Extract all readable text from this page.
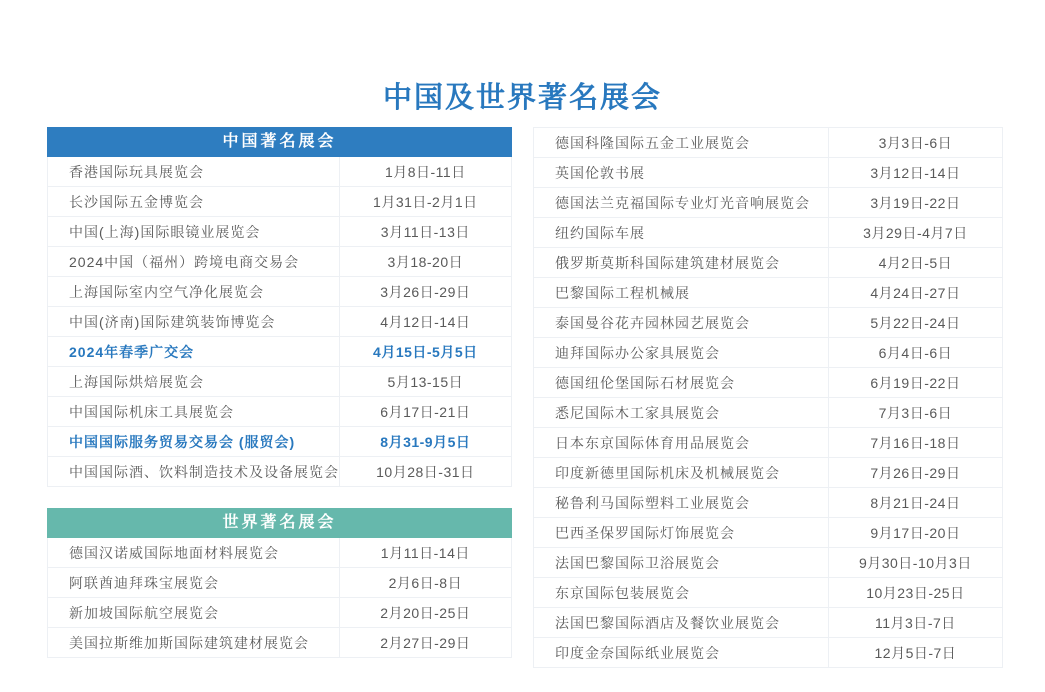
中国及世界著名展会
中国著名展会
香港国际玩具展览会	1月8日-11日
长沙国际五金博览会	1月31日-2月1日
中国(上海)国际眼镜业展览会	3月11日-13日
2024中国（福州）跨境电商交易会	3月18-20日
上海国际室内空气净化展览会	3月26日-29日
中国(济南)国际建筑装饰博览会	4月12日-14日
2024年春季广交会	4月15日-5月5日
上海国际烘焙展览会	5月13-15日
中国国际机床工具展览会	6月17日-21日
中国国际服务贸易交易会 (服贸会)	8月31-9月5日
中国国际酒、饮料制造技术及设备展览会	10月28日-31日
世界著名展会
德国汉诺威国际地面材料展览会	1月11日-14日
阿联酋迪拜珠宝展览会	2月6日-8日
新加坡国际航空展览会	2月20日-25日
美国拉斯维加斯国际建筑建材展览会	2月27日-29日
德国科隆国际五金工业展览会	3月3日-6日
英国伦敦书展	3月12日-14日
德国法兰克福国际专业灯光音响展览会	3月19日-22日
纽约国际车展	3月29日-4月7日
俄罗斯莫斯科国际建筑建材展览会	4月2日-5日
巴黎国际工程机械展	4月24日-27日
泰国曼谷花卉园林园艺展览会	5月22日-24日
迪拜国际办公家具展览会	6月4日-6日
德国纽伦堡国际石材展览会	6月19日-22日
悉尼国际木工家具展览会	7月3日-6日
日本东京国际体育用品展览会	7月16日-18日
印度新德里国际机床及机械展览会	7月26日-29日
秘鲁利马国际塑料工业展览会	8月21日-24日
巴西圣保罗国际灯饰展览会	9月17日-20日
法国巴黎国际卫浴展览会	9月30日-10月3日
东京国际包装展览会	10月23日-25日
法国巴黎国际酒店及餐饮业展览会	11月3日-7日
印度金奈国际纸业展览会	12月5日-7日
